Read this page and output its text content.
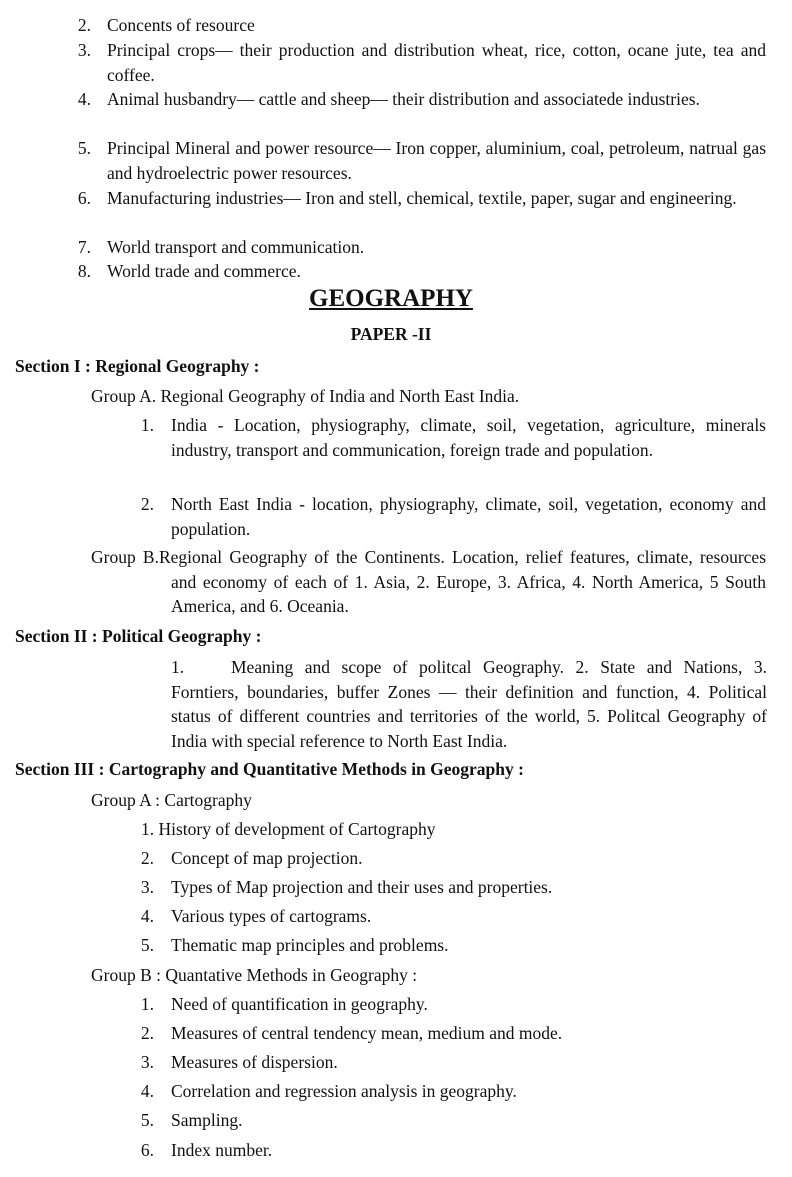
2. Concents of resource
3. Principal crops— their production and distribution wheat, rice, cotton, ocane jute, tea and coffee.
4. Animal husbandry— cattle and sheep— their distribution and associatede industries.
5. Principal Mineral and power resource— Iron copper, aluminium, coal, petroleum, natrual gas and hydroelectric power resources.
6. Manufacturing industries— Iron and stell, chemical, textile, paper, sugar and engineering.
7. World transport and communication.
8. World trade and commerce.
GEOGRAPHY
PAPER -II
Section I : Regional Geography :
Group A. Regional Geography of India and North East India.
1. India - Location, physiography, climate, soil, vegetation, agriculture, minerals industry, transport and communication, foreign trade and population.
2. North East India - location, physiography, climate, soil, vegetation, economy and population.
Group B.Regional Geography of the Continents. Location, relief features, climate, resources and economy of each of 1. Asia, 2. Europe, 3. Africa, 4. North America, 5 South America, and 6. Oceania.
Section II : Political Geography :
1.	Meaning and scope of politcal Geography. 2. State and Nations, 3. Forntiers, boundaries, buffer Zones — their definition and function, 4. Political status of different countries and territories of the world, 5. Politcal Geography of India with special reference to North East India.
Section III : Cartography and Quantitative Methods in Geography :
Group A : Cartography
1. History of development of Cartography
2. Concept of map projection.
3. Types of Map projection and their uses and properties.
4. Various types of cartograms.
5. Thematic map principles and problems.
Group B : Quantative Methods in Geography :
1. Need of quantification in geography.
2. Measures of central tendency mean, medium and mode.
3. Measures of dispersion.
4. Correlation and regression analysis in geography.
5. Sampling.
6. Index number.
